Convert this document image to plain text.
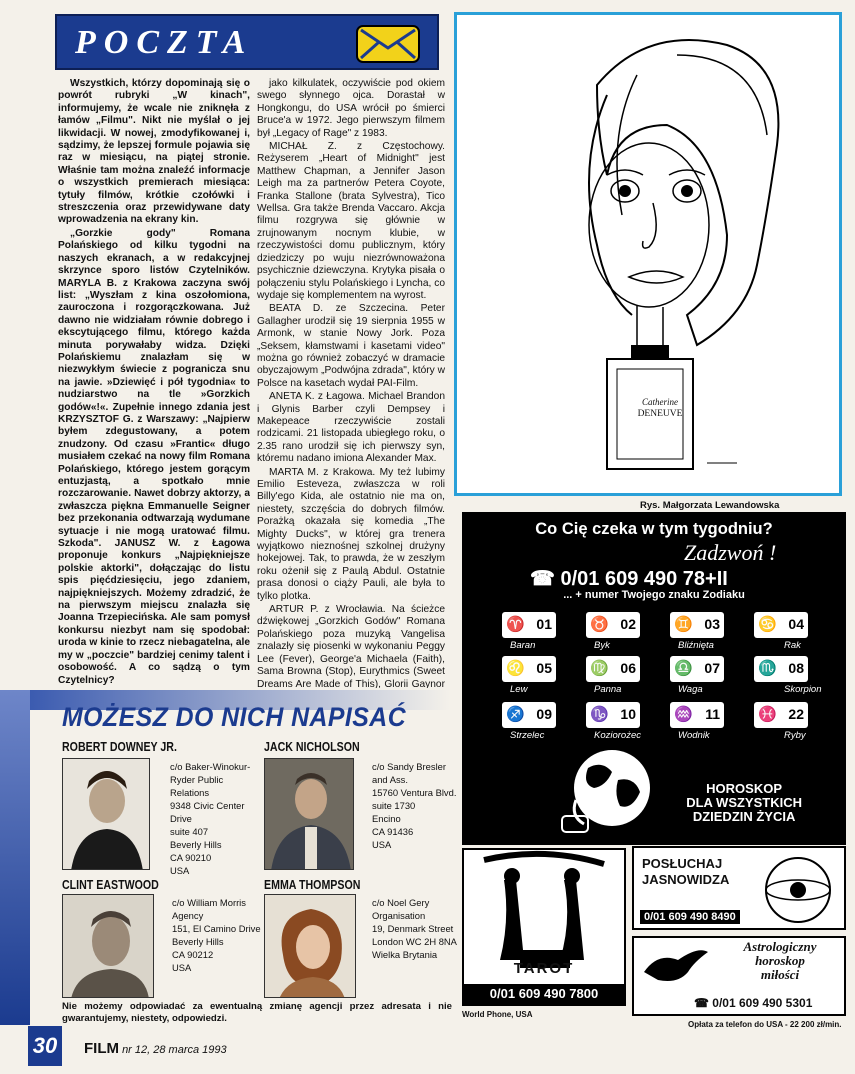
POCZTA

Wszystkich, którzy dopominają się o powrót rubryki „W kinach", informujemy, że wcale nie zniknęła z łamów „Filmu". Nikt nie myślał o jej likwidacji. W nowej, zmodyfikowanej i, sądzimy, że lepszej formule pojawia się raz w miesiącu, na piątej stronie. Właśnie tam można znaleźć informacje o wszystkich premierach miesiąca: tytuły filmów, krótkie czołówki i streszczenia oraz przewidywane daty wprowadzenia na ekrany kin.

„Gorzkie gody" Romana Polańskiego od kilku tygodni na naszych ekranach, a w redakcyjnej skrzynce sporo listów Czytelników. MARYLA B. z Krakowa zaczyna swój list: „Wyszłam z kina oszołomiona, zauroczona i rozgorączkowana. Już dawno nie widziałam równie dobrego i ekscytującego filmu, którego każda minuta porywałaby widza. Dzięki Polańskiemu znalazłam się w niezwykłym świecie z pogranicza snu na jawie. »Dziewięć i pół tygodnia« to nudziarstwo na tle »Gorzkich godów«!«. Zupełnie innego zdania jest KRZYSZTOF G. z Warszawy: „Najpierw byłem zdegustowany, a potem znudzony. Od czasu »Frantic« długo musiałem czekać na nowy film Romana Polańskiego, którego jestem gorącym entuzjastą, a spotkało mnie rozczarowanie. Nawet dobrzy aktorzy, a zwłaszcza piękna Emmanuelle Seigner bez przekonania odtwarzają wydumane sytuacje i nie mogą uratować filmu. Szkoda". JANUSZ W. z Łagowa proponuje konkurs „Najpiękniejsze polskie aktorki", dołączając do listu spis pięćdziesięciu, jego zdaniem, najpiękniejszych. Możemy zdradzić, że na pierwszym miejscu znalazła się Joanna Trzepiecińska. Ale sam pomysł konkursu niezbyt nam się spodobał: uroda w kinie to rzecz niebagatelna, ale my w „poczcie" bardziej cenimy talent i osobowość. A co sądzą o tym Czytelnicy?

jako kilkulatek, oczywiście pod okiem swego słynnego ojca. Dorastał w Hongkongu, do USA wrócił po śmierci Bruce'a w 1972. Jego pierwszym filmem był „Legacy of Rage" z 1983.

MICHAŁ Z. z Częstochowy. Reżyserem „Heart of Midnight" jest Matthew Chapman, a Jennifer Jason Leigh ma za partnerów Petera Coyote, Franka Stallone (brata Sylvestra), Tico Wellsa. Gra także Brenda Vaccaro. Akcja filmu rozgrywa się głównie w zrujnowanym nocnym klubie, w rzeczywistości domu publicznym, który dziedziczy po wuju niezrównoważona psychicznie dziewczyna. Krytyka pisała o połączeniu stylu Polańskiego i Lyncha, co wydaje się komplementem na wyrost.

BEATA D. ze Szczecina. Peter Gallagher urodził się 19 sierpnia 1955 w Armonk, w stanie Nowy Jork. Poza „Seksem, kłamstwami i kasetami video" można go również zobaczyć w dramacie obyczajowym „Podwójna zdrada", który w Polsce na kasetach wydał PAI-Film.

ANETA K. z Łagowa. Michael Brandon i Glynis Barber czyli Dempsey i Makepeace rzeczywiście zostali rodzicami. 21 listopada ubiegłego roku, o 2.35 rano urodził się ich pierwszy syn, któremu nadano imiona Alexander Max.

MARTA M. z Krakowa. My też lubimy Emilio Esteveza, zwłaszcza w roli Billy'ego Kida, ale ostatnio nie ma on, niestety, szczęścia do dobrych filmów. Porażką okazała się komedia „The Mighty Ducks", w której gra trenera wyjątkowo nieznośnej szkolnej drużyny hokejowej. Tak, to prawda, że w zeszłym roku ożenił się z Paulą Abdul. Ostatnie prasa donosi o ciąży Pauli, ale była to tylko plotka.

ARTUR P. z Wrocławia. Na ścieżce dźwiękowej „Gorzkich Godów" Romana Polańskiego poza muzyką Vangelisa znalazły się piosenki w wykonaniu Peggy Lee (Fever), George'a Michaela (Faith), Sama Browna (Stop), Eurythmics (Sweet Dreams Are Made of This), Glorii Gaynor

MOŻESZ DO NICH NAPISAĆ
ROBERT DOWNEY JR.
c/o Baker-Winokur-Ryder Public Relations
9348 Civic Center Drive
suite 407
Beverly Hills
CA 90210
USA
JACK NICHOLSON
c/o Sandy Bresler and Ass.
15760 Ventura Blvd.
suite 1730
Encino
CA 91436
USA
CLINT EASTWOOD
c/o William Morris Agency
151, El Camino Drive
Beverly Hills
CA 90212
USA
EMMA THOMPSON
c/o Noel Gery Organisation
19, Denmark Street
London WC 2H 8NA
Wielka Brytania
Nie możemy odpowiadać za ewentualną zmianę agencji przez adresata i nie gwarantujemy, niestety, odpowiedzi.
30	FILM nr 12, 28 marca 1993
Catherine
DENEUVE
Rys. Małgorzata Lewandowska
Co Cię czeka w tym tygodniu?
Zadzwoń !
☎ 0/01 609 490 78+II
... + numer Twojego znaku Zodiaku
♈ 01
Baran
♉ 02
Byk
♊ 03
Bliźnięta
♋ 04
Rak
♌ 05
Lew
♍ 06
Panna
♎ 07
Waga
♏ 08
Skorpion
♐ 09
Strzelec
♑ 10
Koziorożec
♒ 11
Wodnik
♓ 22
Ryby
HOROSKOP
DLA WSZYSTKICH
DZIEDZIN ŻYCIA
TAROT
0/01 609 490 7800
World Phone, USA
POSŁUCHAJ
JASNOWIDZA
0/01 609 490 8490
Astrologiczny
horoskop
miłości
☎ 0/01 609 490 5301
Opłata za telefon do USA - 22 200 zł/min.
